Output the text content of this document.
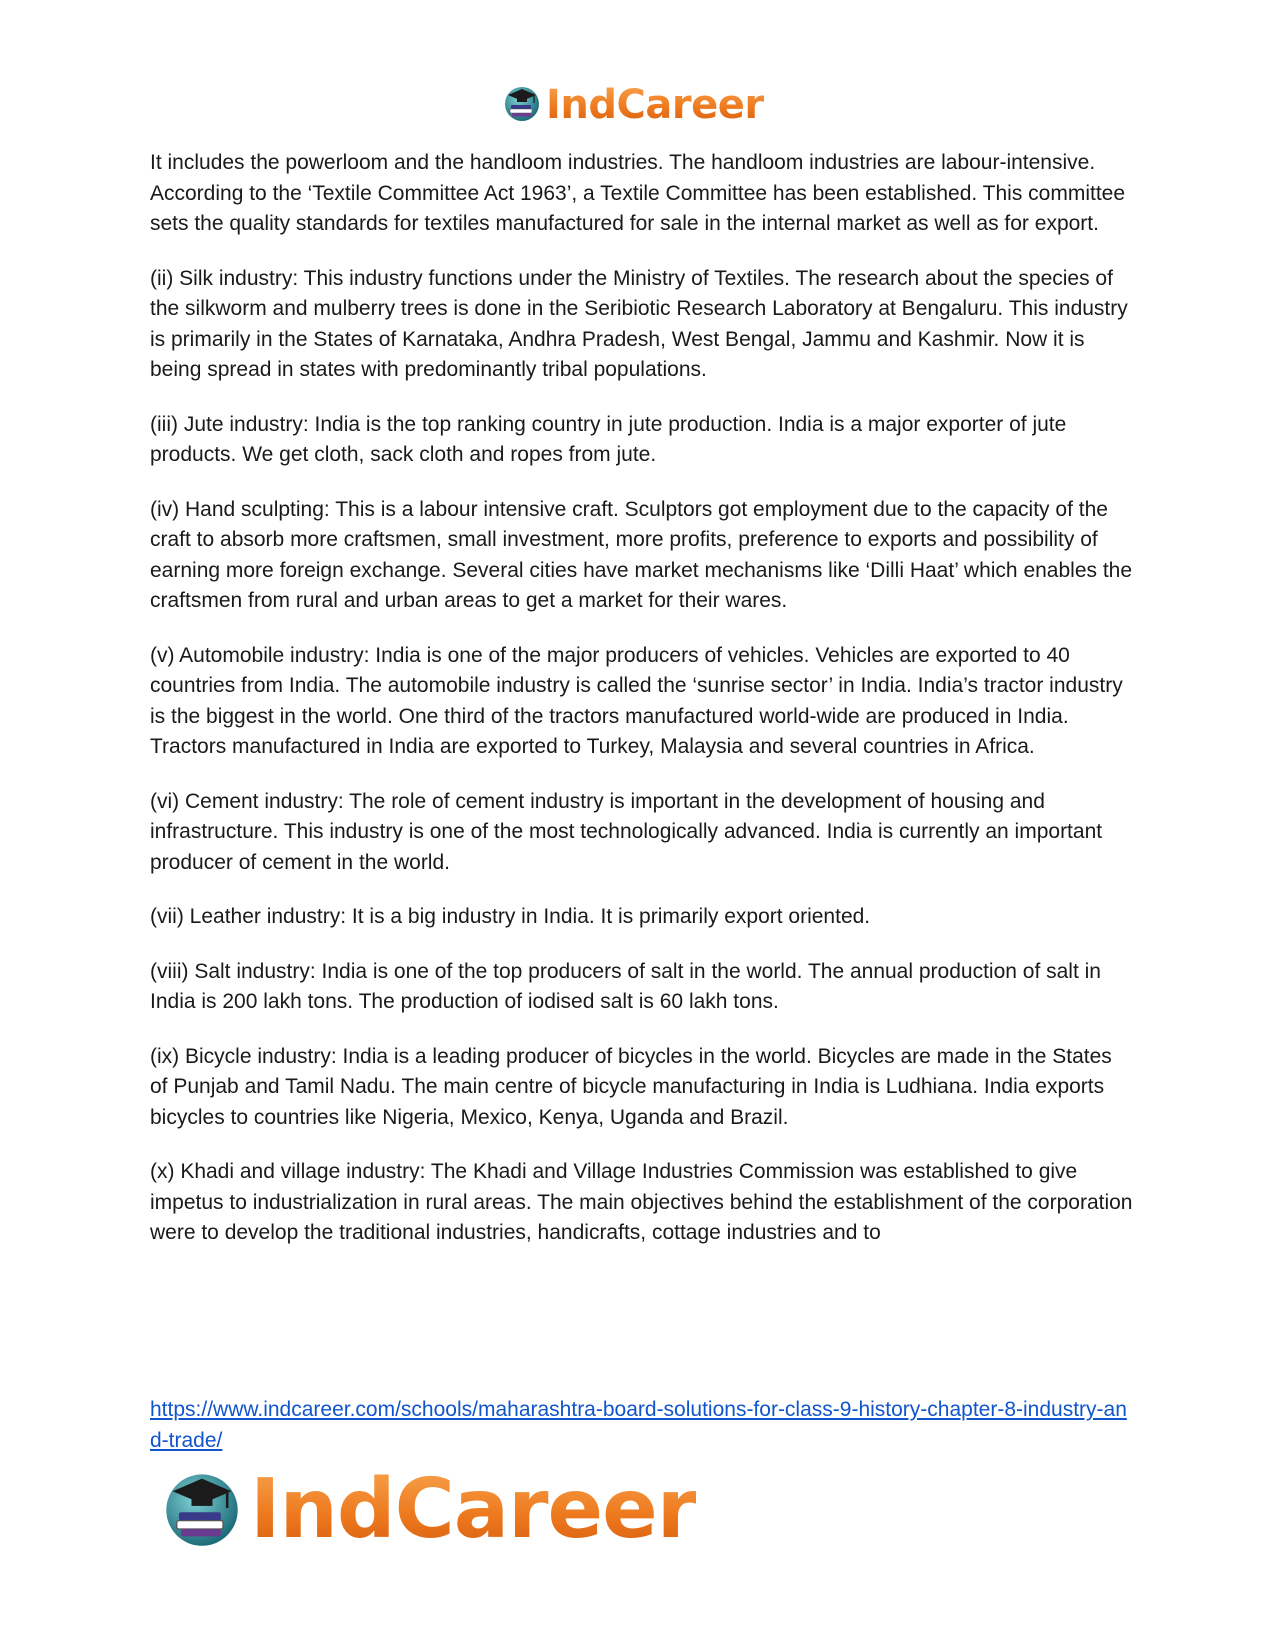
IndCareer

It includes the powerloom and the handloom industries. The handloom industries are labour-intensive. According to the ‘Textile Committee Act 1963’, a Textile Committee has been established. This committee sets the quality standards for textiles manufactured for sale in the internal market as well as for export.

(ii) Silk industry: This industry functions under the Ministry of Textiles. The research about the species of the silkworm and mulberry trees is done in the Seribiotic Research Laboratory at Bengaluru. This industry is primarily in the States of Karnataka, Andhra Pradesh, West Bengal, Jammu and Kashmir. Now it is being spread in states with predominantly tribal populations.

(iii) Jute industry: India is the top ranking country in jute production. India is a major exporter of jute products. We get cloth, sack cloth and ropes from jute.

(iv) Hand sculpting: This is a labour intensive craft. Sculptors got employment due to the capacity of the craft to absorb more craftsmen, small investment, more profits, preference to exports and possibility of earning more foreign exchange. Several cities have market mechanisms like ‘Dilli Haat’ which enables the craftsmen from rural and urban areas to get a market for their wares.

(v) Automobile industry: India is one of the major producers of vehicles. Vehicles are exported to 40 countries from India. The automobile industry is called the ‘sunrise sector’ in India. India’s tractor industry is the biggest in the world. One third of the tractors manufactured world-wide are produced in India. Tractors manufactured in India are exported to Turkey, Malaysia and several countries in Africa.

(vi) Cement industry: The role of cement industry is important in the development of housing and infrastructure. This industry is one of the most technologically advanced. India is currently an important producer of cement in the world.

(vii) Leather industry: It is a big industry in India. It is primarily export oriented.

(viii) Salt industry: India is one of the top producers of salt in the world. The annual production of salt in India is 200 lakh tons. The production of iodised salt is 60 lakh tons.

(ix) Bicycle industry: India is a leading producer of bicycles in the world. Bicycles are made in the States of Punjab and Tamil Nadu. The main centre of bicycle manufacturing in India is Ludhiana. India exports bicycles to countries like Nigeria, Mexico, Kenya, Uganda and Brazil.

(x) Khadi and village industry: The Khadi and Village Industries Commission was established to give impetus to industrialization in rural areas. The main objectives behind the establishment of the corporation were to develop the traditional industries, handicrafts, cottage industries and to

https://www.indcareer.com/schools/maharashtra-board-solutions-for-class-9-history-chapter-8-industry-and-trade/
IndCareer
